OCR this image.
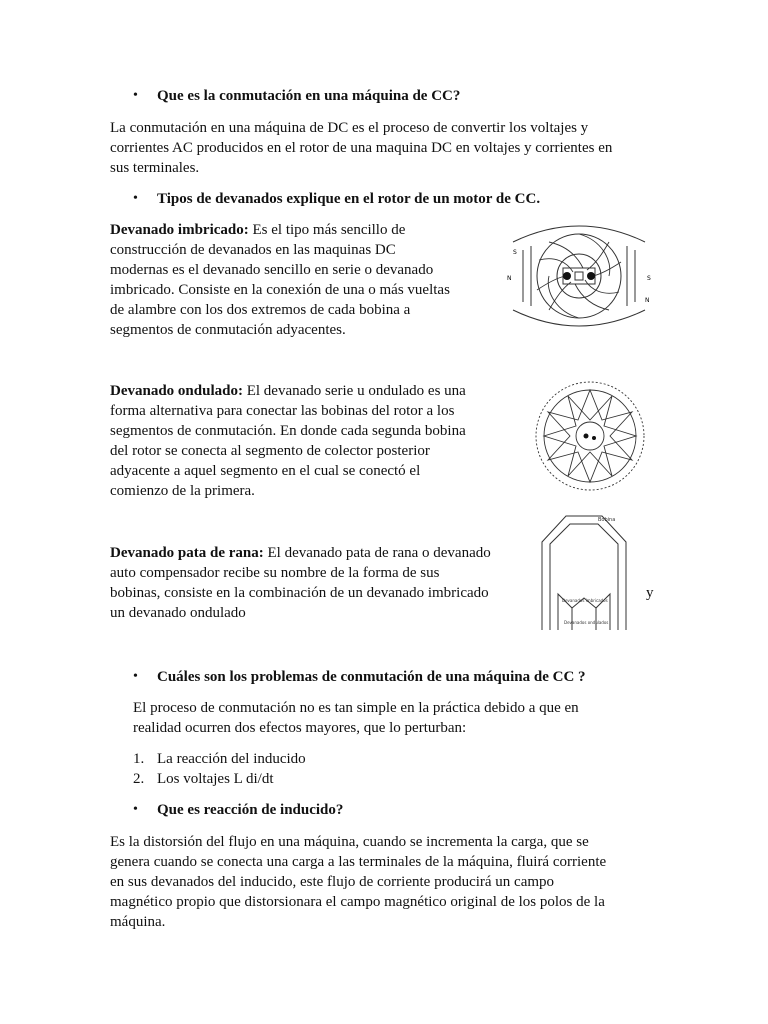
• Que es la conmutación en una máquina de CC?
La conmutación en una máquina de DC es el proceso de convertir los voltajes y
corrientes AC producidos en el rotor de una maquina DC en voltajes y corrientes en
sus terminales.
• Tipos de devanados explique en el rotor de un motor de CC.
Devanado imbricado: Es el tipo más sencillo de
construcción de devanados en las maquinas DC
modernas es el devanado sencillo en serie o devanado
imbricado. Consiste en la conexión de una o más vueltas
de alambre con los dos extremos de cada bobina a
segmentos de conmutación adyacentes.
N	S
N
S
Devanado ondulado: El devanado serie u ondulado es una
forma alternativa para conectar las bobinas del rotor a los
segmentos de conmutación. En donde cada segunda bobina
del rotor se conecta al segmento de colector posterior
adyacente a aquel segmento en el cual se conectó el
comienzo de la primera.
Devanado pata de rana: El devanado pata de rana o devanado
auto compensador recibe su nombre de la forma de sus
bobinas, consiste en la combinación de un devanado imbricado
un devanado ondulado
y
Bobina
Devanados imbricados
Devanados ondulados
• Cuáles son los problemas de conmutación de una máquina de CC ?
El proceso de conmutación no es tan simple en la práctica debido a que en
realidad ocurren dos efectos mayores, que lo perturban:
1. La reacción del inducido
2. Los voltajes L di/dt
• Que es reacción de inducido?
Es la distorsión del flujo en una máquina, cuando se incrementa la carga, que se
genera cuando se conecta una carga a las terminales de la máquina, fluirá corriente
en sus devanados del inducido, este flujo de corriente producirá un campo
magnético propio que distorsionara el campo magnético original de los polos de la
máquina.
